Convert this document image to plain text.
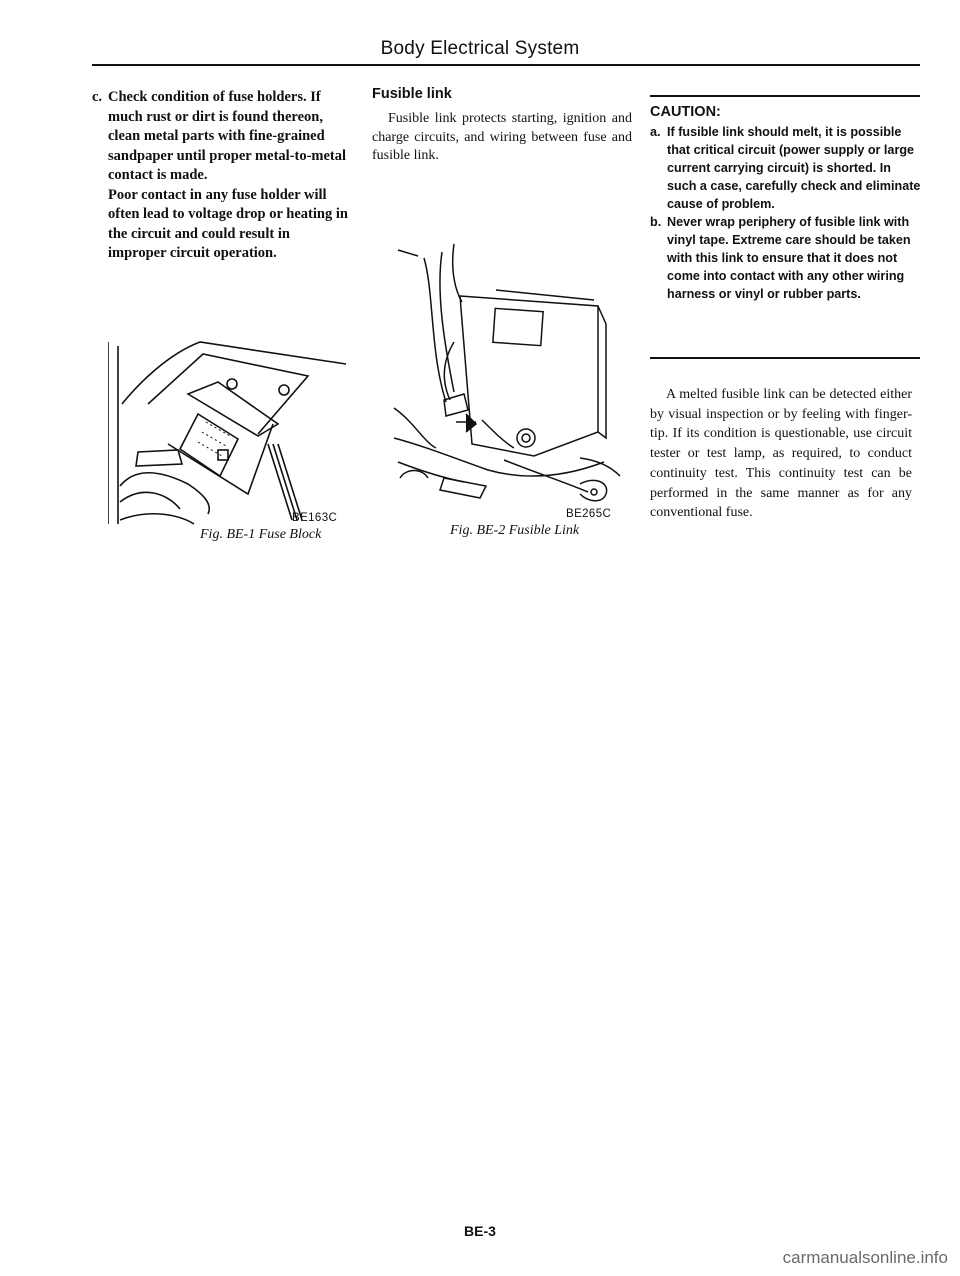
Body Electrical System
c. Check condition of fuse holders. If much rust or dirt is found thereon, clean metal parts with fine-grained sandpaper until proper metal-to-metal contact is made.

Poor contact in any fuse holder will often lead to voltage drop or heating in the circuit and could result in improper circuit operation.

BE163C
Fig. BE-1 Fuse Block
Fusible link

Fusible link protects starting, ignition and charge circuits, and wiring between fuse and fusible link.

BE265C
Fig. BE-2 Fusible Link
CAUTION:

a. If fusible link should melt, it is possible that critical circuit (power supply or large current carrying circuit) is shorted. In such a case, carefully check and eliminate cause of problem.

b. Never wrap periphery of fusible link with vinyl tape. Extreme care should be taken with this link to ensure that it does not come into contact with any other wiring harness or vinyl or rubber parts.

A melted fusible link can be detected either by visual inspection or by feeling with finger-tip. If its condition is questionable, use circuit tester or test lamp, as required, to conduct continuity test. This continuity test can be performed in the same manner as for any conventional fuse.

BE-3
carmanualsonline.info
